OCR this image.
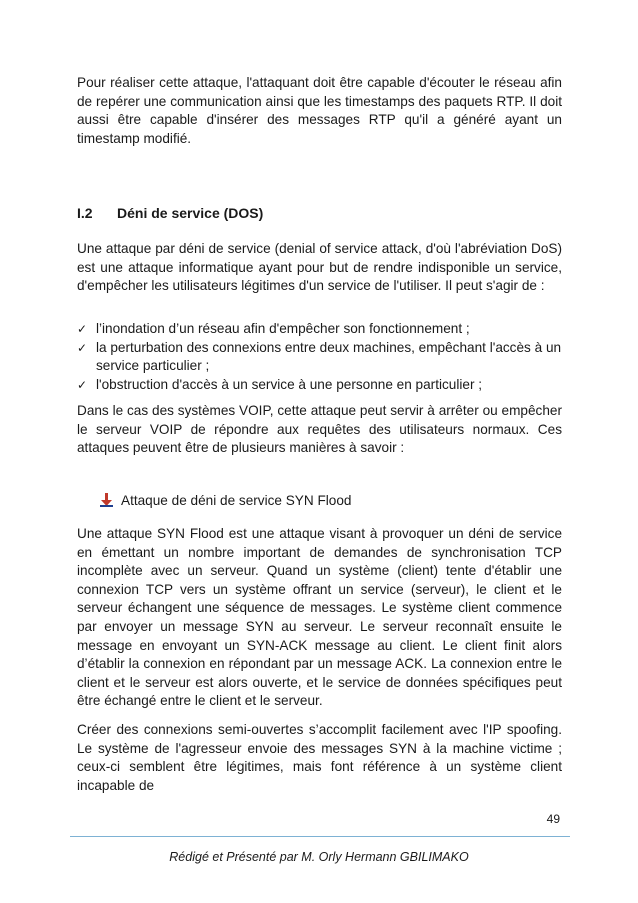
Pour réaliser cette attaque, l'attaquant doit être capable d'écouter le réseau afin de repérer une communication ainsi que les timestamps des paquets RTP. Il doit aussi être capable d'insérer des messages RTP qu'il a généré ayant un timestamp modifié.

I.2 Déni de service (DOS)

Une attaque par déni de service (denial of service attack, d'où l'abréviation DoS) est une attaque informatique ayant pour but de rendre indisponible un service, d'empêcher les utilisateurs légitimes d'un service de l'utiliser. Il peut s'agir de :

✓ l’inondation d’un réseau afin d'empêcher son fonctionnement ;
✓ la perturbation des connexions entre deux machines, empêchant l'accès à un service particulier ;
✓ l'obstruction d'accès à un service à une personne en particulier ;

Dans le cas des systèmes VOIP, cette attaque peut servir à arrêter ou empêcher le serveur VOIP de répondre aux requêtes des utilisateurs normaux. Ces attaques peuvent être de plusieurs manières à savoir :

Attaque de déni de service SYN Flood

Une attaque SYN Flood est une attaque visant à provoquer un déni de service en émettant un nombre important de demandes de synchronisation TCP incomplète avec un serveur. Quand un système (client) tente d'établir une connexion TCP vers un système offrant un service (serveur), le client et le serveur échangent une séquence de messages. Le système client commence par envoyer un message SYN au serveur. Le serveur reconnaît ensuite le message en envoyant un SYN-ACK message au client. Le client finit alors d’établir la connexion en répondant par un message ACK. La connexion entre le client et le serveur est alors ouverte, et le service de données spécifiques peut être échangé entre le client et le serveur.

Créer des connexions semi-ouvertes s’accomplit facilement avec l'IP spoofing. Le système de l'agresseur envoie des messages SYN à la machine victime ; ceux-ci semblent être légitimes, mais font référence à un système client incapable de

49
Rédigé et Présenté par M. Orly Hermann GBILIMAKO
